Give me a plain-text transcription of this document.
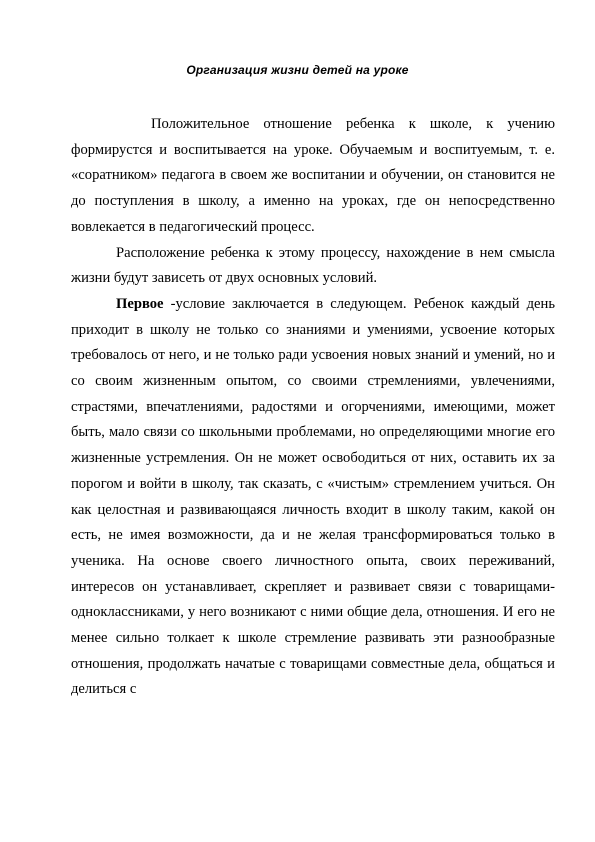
Организация жизни детей на уроке

Положительное отношение ребенка к школе, к учению формирустся и воспитывается на уроке. Обучаемым и воспитуемым, т. е. «соратником» педагога в своем же воспитании и обучении, он становится не до поступления в школу, а именно на уроках, где он непосредственно вовлекается в педагогический процесс.

Расположение ребенка к этому процессу, нахождение в нем смысла жизни будут зависеть от двух основных условий.

Первое -условие заключается в следующем. Ребенок каждый день приходит в школу не только со знаниями и умениями, усвоение которых требовалось от него, и не только ради усвоения новых знаний и умений, но и со своим жизненным опытом, со своими стремлениями, увлечениями, страстями, впечатлениями, радостями и огорчениями, имеющими, может быть, мало связи со школьными проблемами, но определяющими многие его жизненные устремления. Он не может освободиться от них, оставить их за порогом и войти в школу, так сказать, с «чистым» стремлением учиться. Он как целостная и развивающаяся личность входит в школу таким, какой он есть, не имея возможности, да и не желая трансформироваться только в ученика. На основе своего личностного опыта, своих переживаний, интересов он устанавливает, скрепляет и развивает связи с товарищами-одноклассниками, у него возникают с ними общие дела, отношения. И его не менее сильно толкает к школе стремление развивать эти разнообразные отношения, продолжать начатые с товарищами совместные дела, общаться и делиться с
